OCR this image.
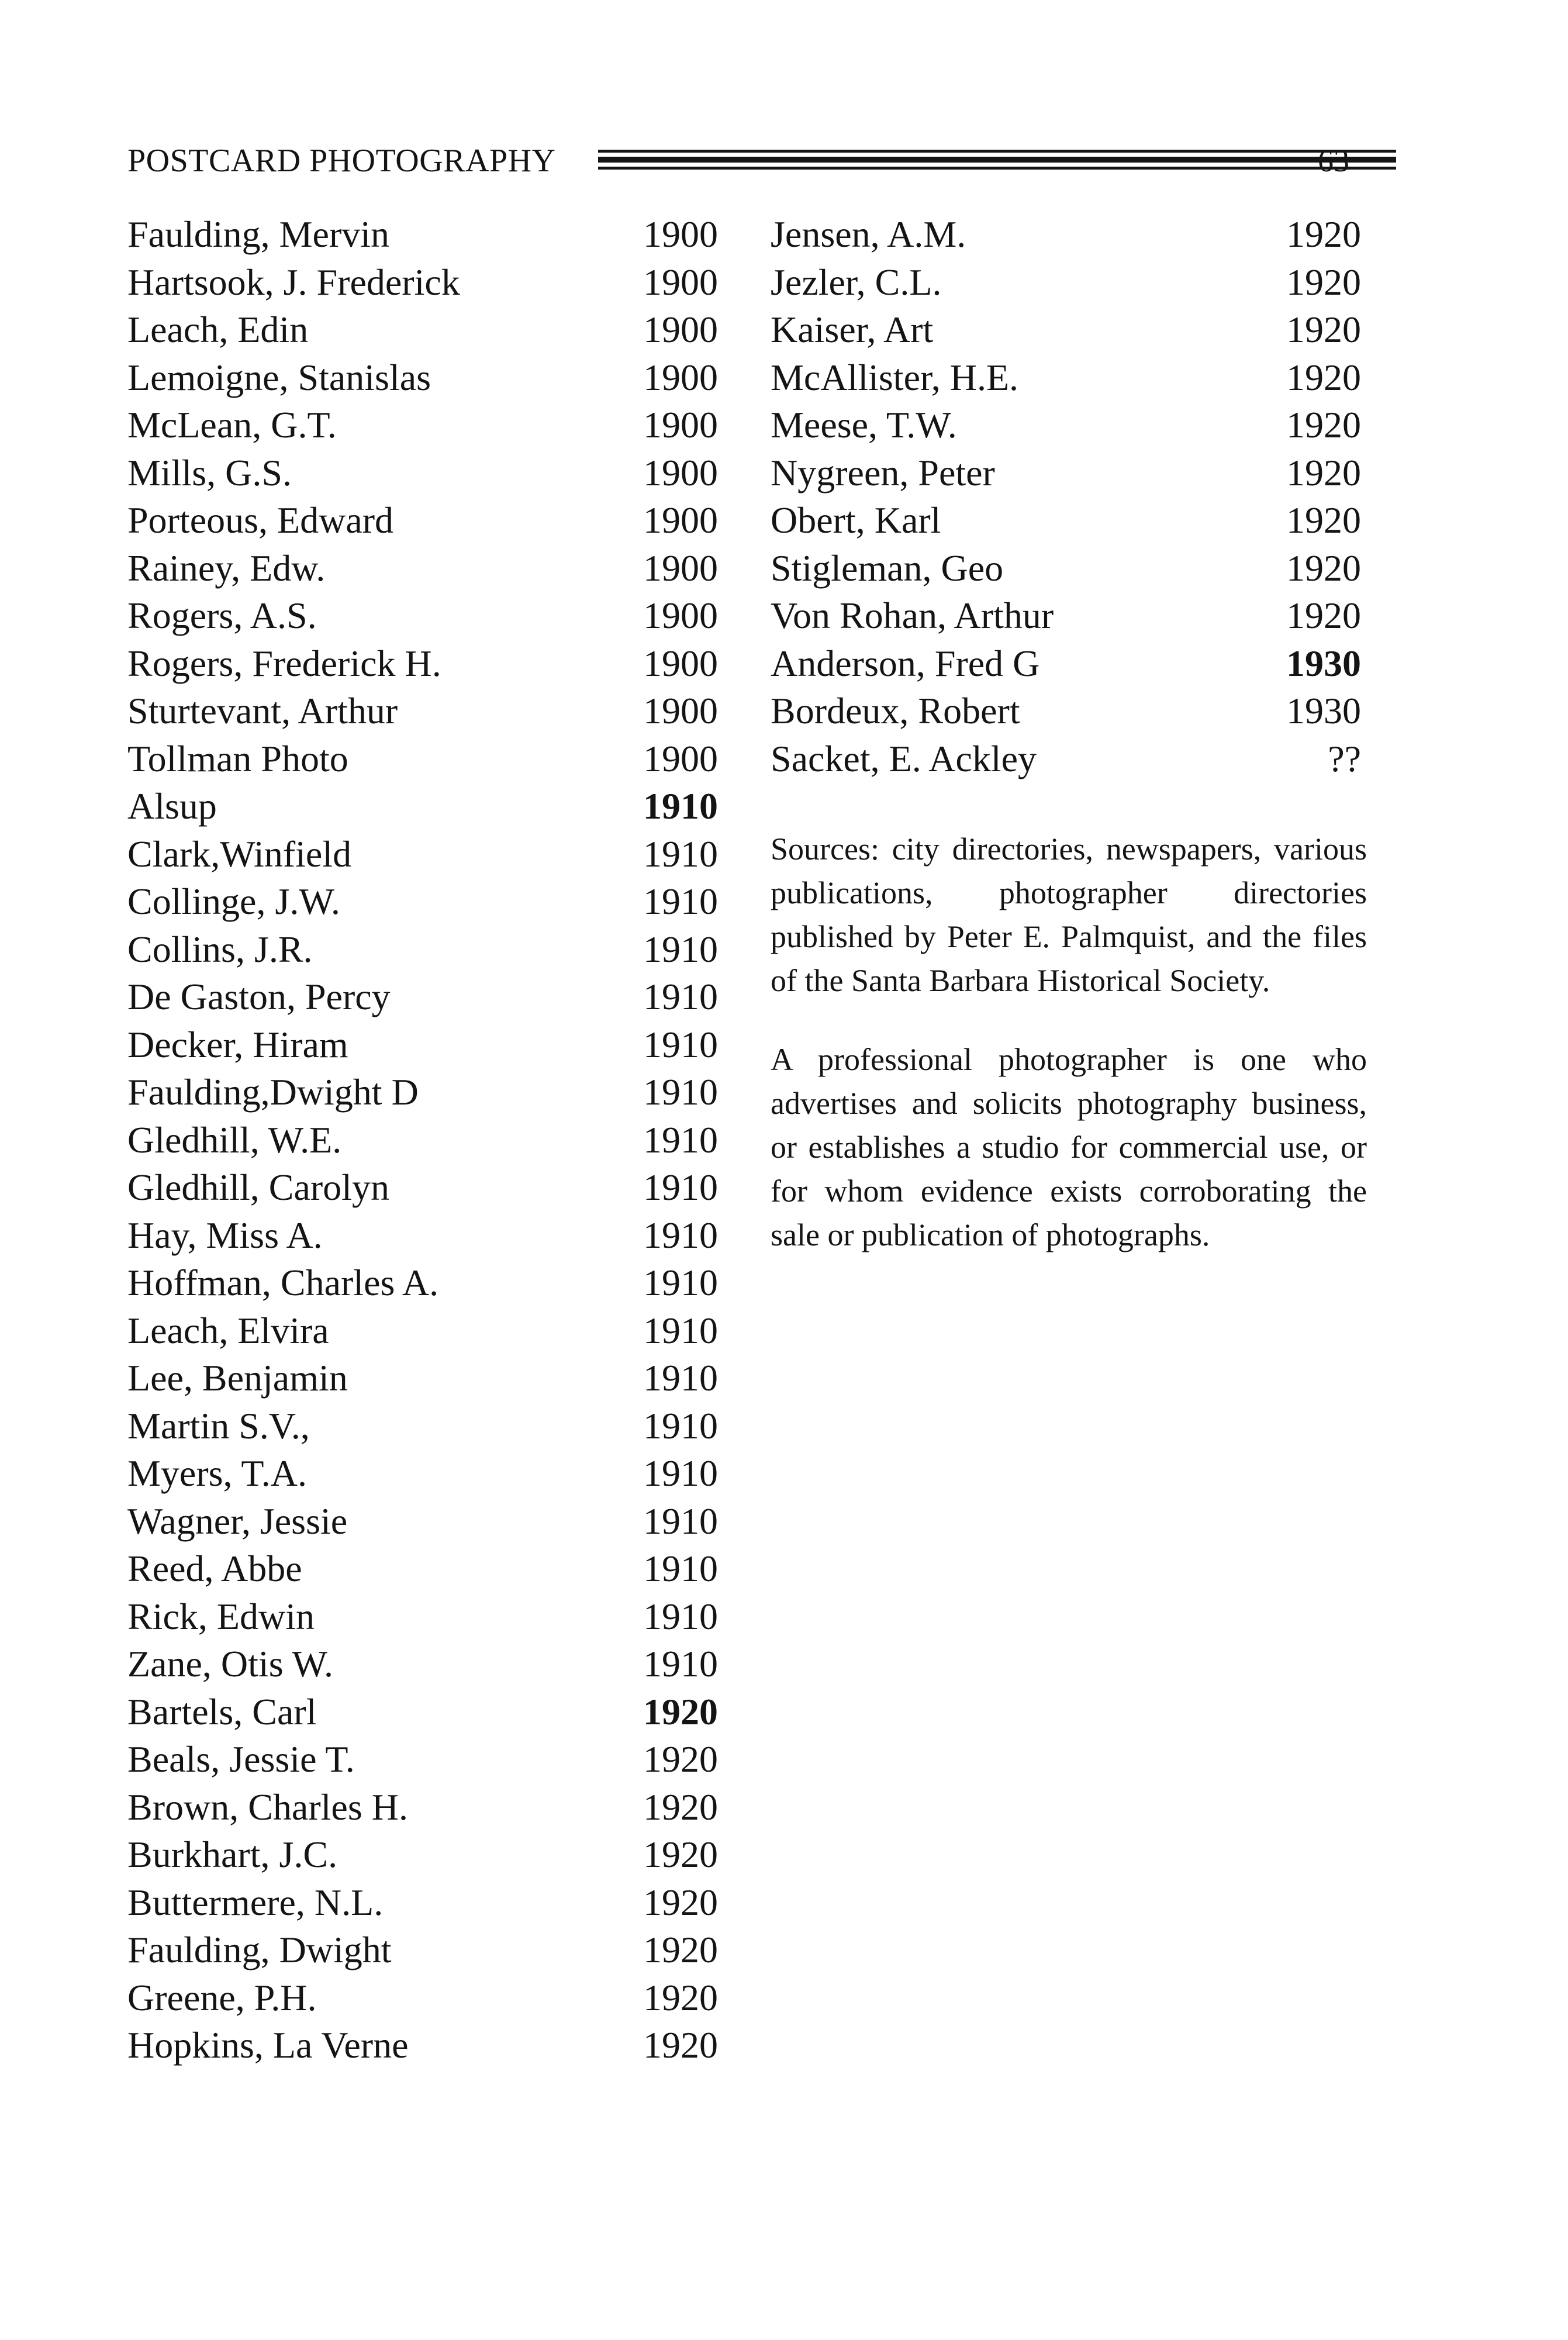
POSTCARD PHOTOGRAPHY	63
Faulding, Mervin	1900
Hartsook, J. Frederick	1900
Leach, Edin	1900
Lemoigne, Stanislas	1900
McLean, G.T.	1900
Mills, G.S.	1900
Porteous, Edward	1900
Rainey, Edw.	1900
Rogers, A.S.	1900
Rogers, Frederick H.	1900
Sturtevant, Arthur	1900
Tollman Photo	1900
Alsup	1910
Clark,Winfield	1910
Collinge, J.W.	1910
Collins, J.R.	1910
De Gaston, Percy	1910
Decker, Hiram	1910
Faulding,Dwight D	1910
Gledhill, W.E.	1910
Gledhill, Carolyn	1910
Hay, Miss A.	1910
Hoffman, Charles A.	1910
Leach, Elvira	1910
Lee, Benjamin	1910
Martin S.V.,	1910
Myers, T.A.	1910
Wagner, Jessie	1910
Reed, Abbe	1910
Rick, Edwin	1910
Zane, Otis W.	1910
Bartels, Carl	1920
Beals, Jessie T.	1920
Brown, Charles H.	1920
Burkhart, J.C.	1920
Buttermere, N.L.	1920
Faulding, Dwight	1920
Greene, P.H.	1920
Hopkins, La Verne	1920
Jensen, A.M.	1920
Jezler, C.L.	1920
Kaiser, Art	1920
McAllister, H.E.	1920
Meese, T.W.	1920
Nygreen, Peter	1920
Obert, Karl	1920
Stigleman, Geo	1920
Von Rohan, Arthur	1920
Anderson, Fred G	1930
Bordeux, Robert	1930
Sacket, E. Ackley	??

Sources: city directories, newspapers, various publications, photographer directories published by Peter E. Palmquist, and the files of the Santa Barbara Historical Society.

A professional photographer is one who advertises and solicits photography business, or establishes a studio for commercial use, or for whom evidence exists corroborating the sale or publication of photographs.
